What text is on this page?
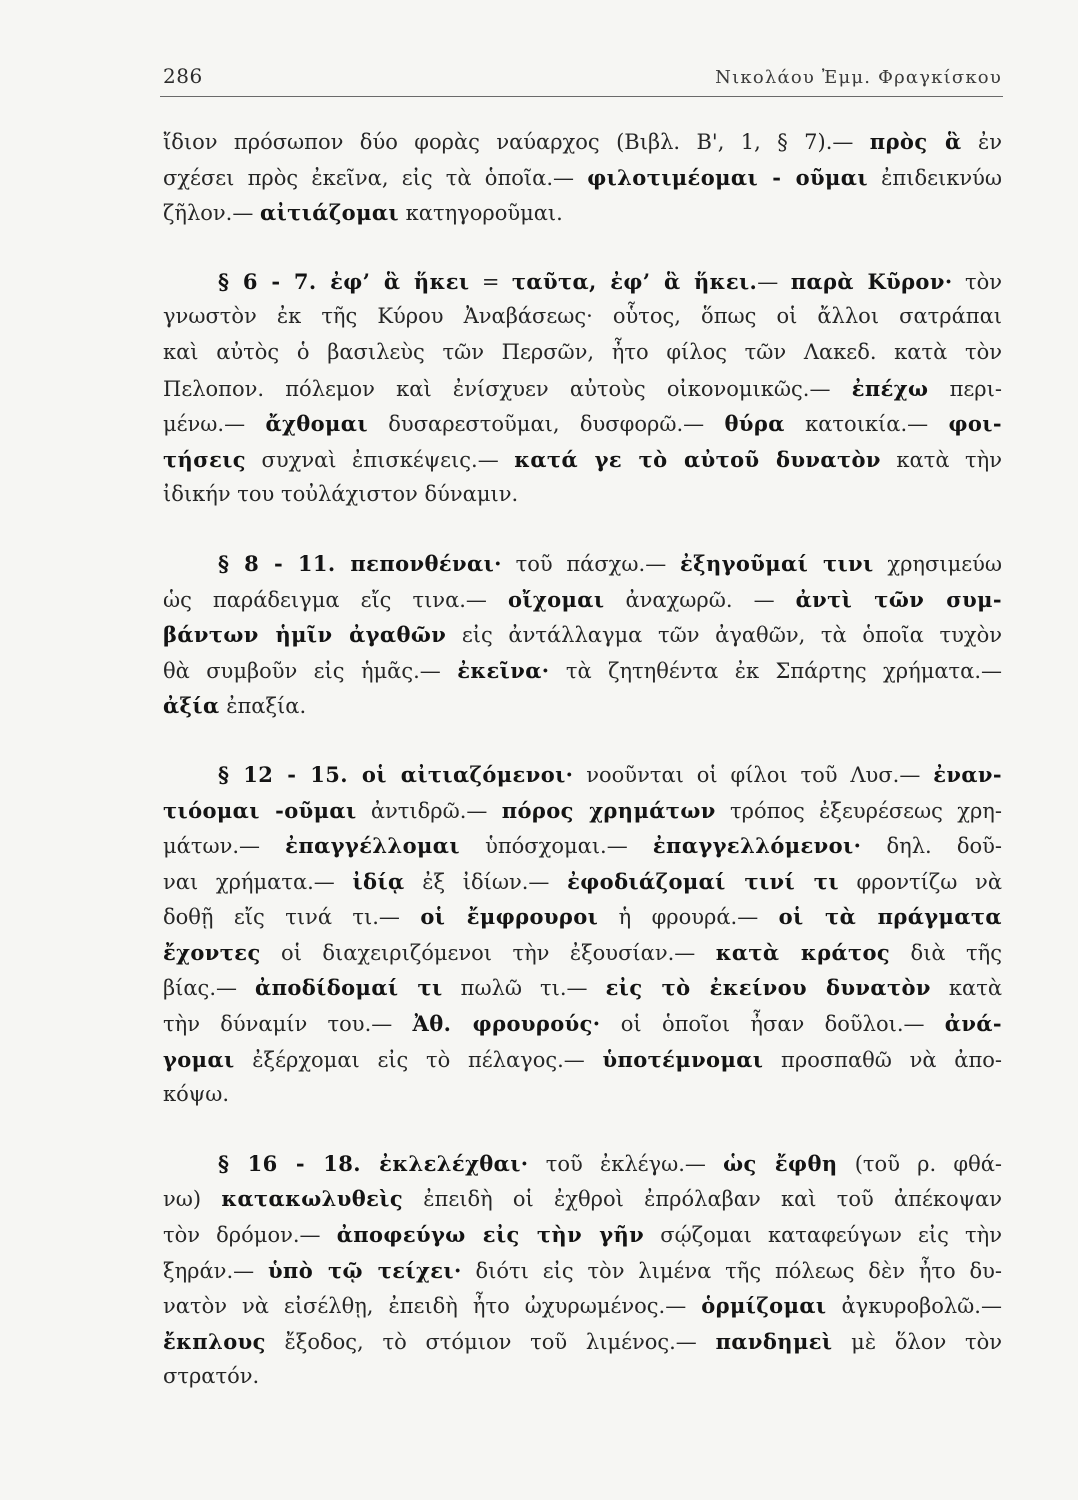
286	Νικολάου Ἐμμ. Φραγκίσκου
ἴδιον πρόσωπον δύο φορὰς ναύαρχος (Βιβλ. Β', 1, § 7).— πρὸς ἃ ἐν
σχέσει πρὸς ἐκεῖνα, εἰς τὰ ὁποῖα.— φιλοτιμέομαι - οῦμαι ἐπιδεικνύω
ζῆλον.— αἰτιάζομαι κατηγοροῦμαι.
§ 6 - 7. ἐφ’ ἃ ἥκει = ταῦτα, ἐφ’ ἃ ἥκει.— παρὰ Κῦρον· τὸν
γνωστὸν ἐκ τῆς Κύρου Ἀναβάσεως· οὗτος, ὅπως οἱ ἄλλοι σατράπαι
καὶ αὐτὸς ὁ βασιλεὺς τῶν Περσῶν, ἦτο φίλος τῶν Λακεδ. κατὰ τὸν
Πελοπον. πόλεμον καὶ ἐνίσχυεν αὐτοὺς οἰκονομικῶς.— ἐπέχω περι-
μένω.— ἄχθομαι δυσαρεστοῦμαι, δυσφορῶ.— θύρα κατοικία.— φοι-
τήσεις συχναὶ ἐπισκέψεις.— κατά γε τὸ αὐτοῦ δυνατὸν κατὰ τὴν
ἰδικήν του τοὐλάχιστον δύναμιν.
§ 8 - 11. πεπονθέναι· τοῦ πάσχω.— ἐξηγοῦμαί τινι χρησιμεύω
ὡς παράδειγμα εἴς τινα.— οἴχομαι ἀναχωρῶ. — ἀντὶ τῶν συμ-
βάντων ἡμῖν ἀγαθῶν εἰς ἀντάλλαγμα τῶν ἀγαθῶν, τὰ ὁποῖα τυχὸν
θὰ συμβοῦν εἰς ἡμᾶς.— ἐκεῖνα· τὰ ζητηθέντα ἐκ Σπάρτης χρήματα.—
ἀξία ἐπαξία.
§ 12 - 15. οἱ αἰτιαζόμενοι· νοοῦνται οἱ φίλοι τοῦ Λυσ.— ἐναν-
τιόομαι -οῦμαι ἀντιδρῶ.— πόρος χρημάτων τρόπος ἐξευρέσεως χρη-
μάτων.— ἐπαγγέλλομαι ὑπόσχομαι.— ἐπαγγελλόμενοι· δηλ. δοῦ-
ναι χρήματα.— ἰδίᾳ ἐξ ἰδίων.— ἐφοδιάζομαί τινί τι φροντίζω νὰ
δοθῇ εἴς τινά τι.— οἱ ἔμφρουροι ἡ φρουρά.— οἱ τὰ πράγματα
ἔχοντες οἱ διαχειριζόμενοι τὴν ἐξουσίαν.— κατὰ κράτος διὰ τῆς
βίας.— ἀποδίδομαί τι πωλῶ τι.— εἰς τὸ ἐκείνου δυνατὸν κατὰ
τὴν δύναμίν του.— Ἀθ. φρουρούς· οἱ ὁποῖοι ἦσαν δοῦλοι.— ἀνά-
γομαι ἐξέρχομαι εἰς τὸ πέλαγος.— ὑποτέμνομαι προσπαθῶ νὰ ἀπο-
κόψω.
§ 16 - 18. ἐκλελέχθαι· τοῦ ἐκλέγω.— ὡς ἔφθη (τοῦ ρ. φθά-
νω) κατακωλυθεὶς ἐπειδὴ οἱ ἐχθροὶ ἐπρόλαβαν καὶ τοῦ ἀπέκοψαν
τὸν δρόμον.— ἀποφεύγω εἰς τὴν γῆν σῴζομαι καταφεύγων εἰς τὴν
ξηράν.— ὑπὸ τῷ τείχει· διότι εἰς τὸν λιμένα τῆς πόλεως δὲν ἦτο δυ-
νατὸν νὰ εἰσέλθῃ, ἐπειδὴ ἦτο ὠχυρωμένος.— ὁρμίζομαι ἀγκυροβολῶ.—
ἔκπλους ἔξοδος, τὸ στόμιον τοῦ λιμένος.— πανδημεὶ μὲ ὅλον τὸν
στρατόν.
